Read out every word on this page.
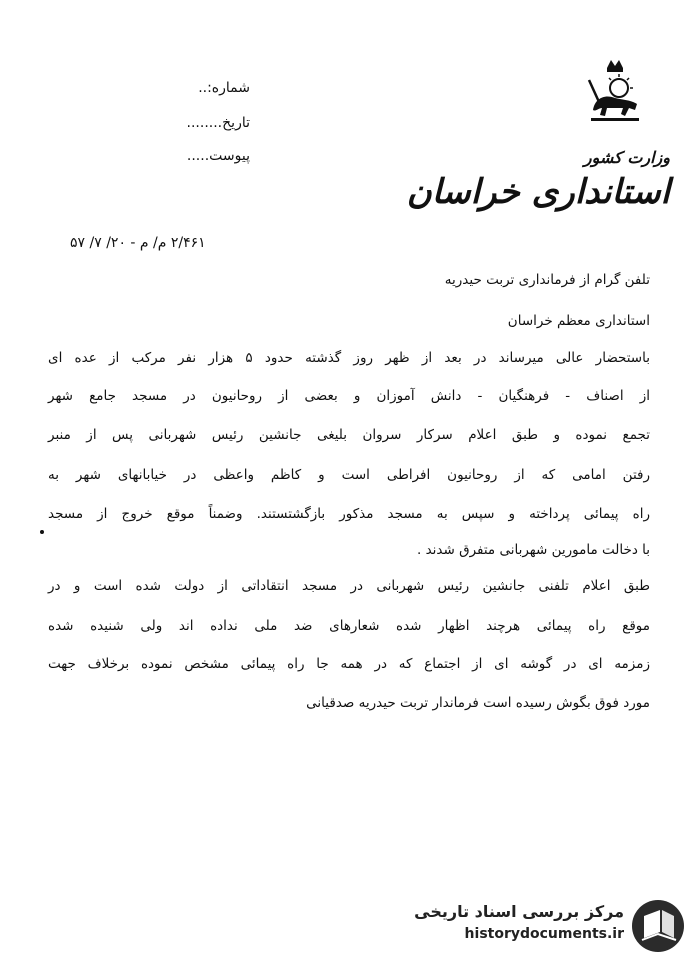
شماره:..
تاریخ........
پیوست.....	وزارت کشور
استانداری خراسان
۲/۴۶۱ م/ م - ۲۰/ ۷/ ۵۷
تلفن گرام از فرمانداری تربت حیدریه
استانداری معظم خراسان
باستحضار عالی میرساند در بعد از ظهر روز گذشته حدود ۵ هزار نفر مرکب از عده ای
از اصناف - فرهنگیان - دانش آموزان و بعضی از روحانیون در مسجد جامع شهر
تجمع نموده و طبق اعلام سرکار سروان بلیغی جانشین رئیس شهربانی پس از منبر
رفتن امامی که از روحانیون افراطی است و کاظم واعظی در خیابانهای شهر به
راه پیمائی پرداخته و سپس به مسجد مذکور بازگشتستند. وضمناً موقع خروج از مسجد
با دخالت مامورین شهربانی متفرق شدند .
طبق اعلام تلفنی جانشین رئیس شهربانی در مسجد انتقاداتی از دولت شده است و در
موقع راه پیمائی هرچند اظهار شده شعارهای ضد ملی نداده اند ولی شنیده شده
زمزمه ای در گوشه ای از اجتماع که در همه جا راه پیمائی مشخص نموده برخلاف جهت
مورد فوق بگوش رسیده است فرماندار تربت حیدریه صدقیانی
مرکز بررسی اسناد تاریخی
historydocuments.ir
